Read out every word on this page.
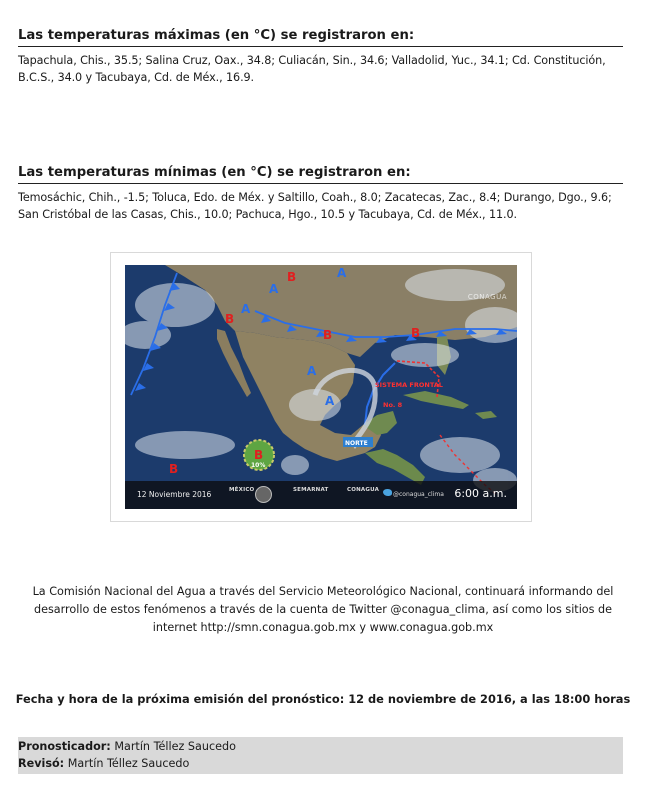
Las temperaturas máximas (en °C) se registraron en:
Tapachula, Chis., 35.5; Salina Cruz, Oax., 34.8; Culiacán, Sin., 34.6; Valladolid, Yuc., 34.1; Cd. Constitución, B.C.S., 34.0 y Tacubaya, Cd. de Méx., 16.9.
Las temperaturas mínimas (en °C) se registraron en:
Temosáchic, Chih., -1.5; Toluca, Edo. de Méx. y Saltillo, Coah., 8.0; Zacatecas, Zac., 8.4; Durango, Dgo., 9.6; San Cristóbal de las Casas, Chis., 10.0; Pachuca, Hgo., 10.5 y Tacubaya, Cd. de Méx., 11.0.
B	A
A
B
A
B	B
A
A
B
B
SISTEMA FRONTAL
No. 8
NORTE
10%
CONAGUA
12 Noviembre 2016	MÉXICO	SEMARNAT	CONAGUA
@conagua_clima 6:00 a.m.
La Comisión Nacional del Agua a través del Servicio Meteorológico Nacional, continuará informando del desarrollo de estos fenómenos a través de la cuenta de Twitter @conagua_clima, así como los sitios de internet http://smn.conagua.gob.mx y www.conagua.gob.mx
Fecha y hora de la próxima emisión del pronóstico: 12 de noviembre de 2016, a las 18:00 horas
Pronosticador: Martín Téllez Saucedo
Revisó: Martín Téllez Saucedo
